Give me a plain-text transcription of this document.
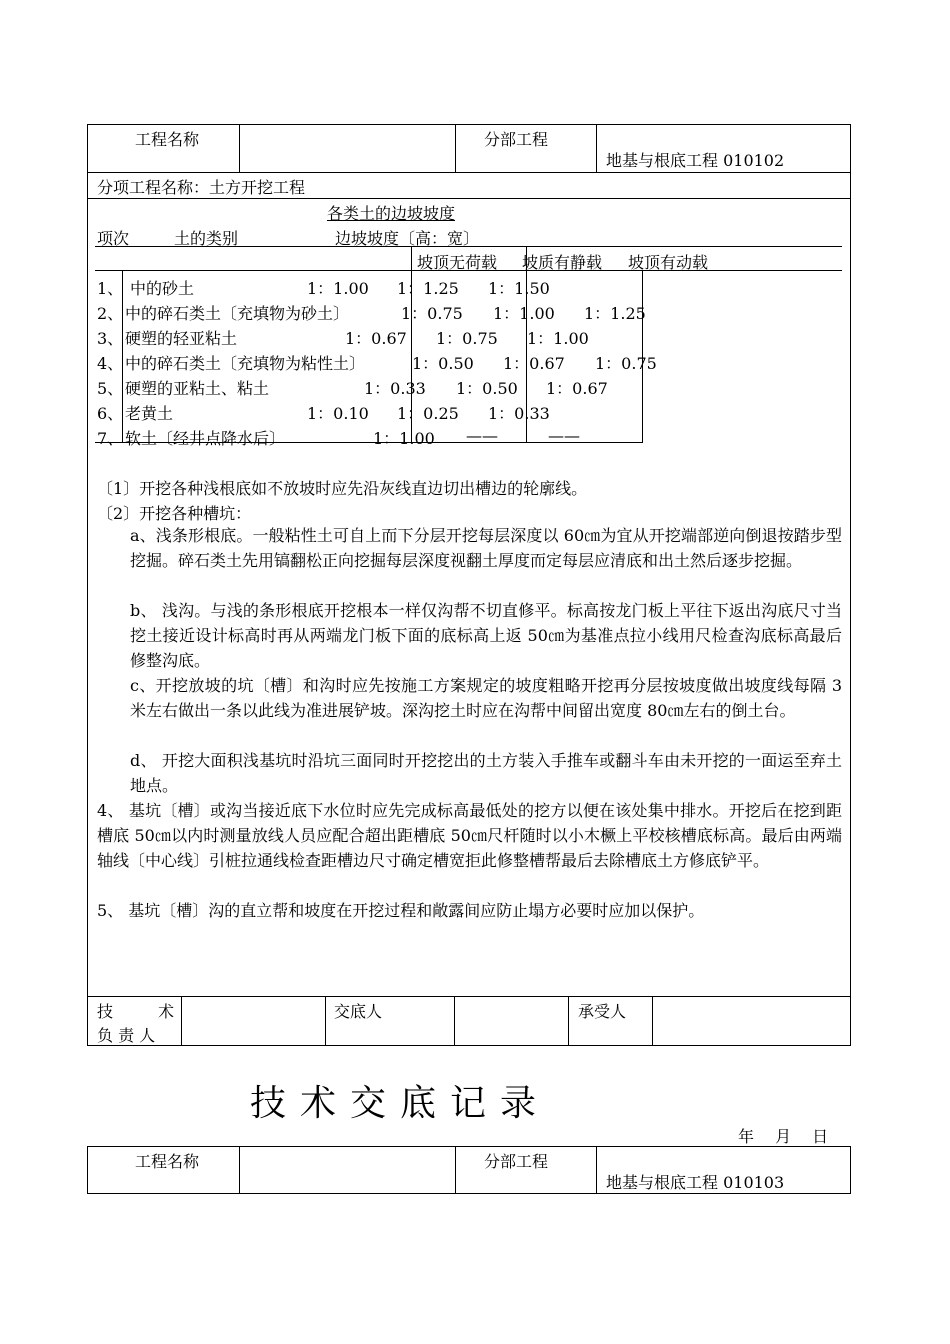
工程名称	分部工程
地基与根底工程 010102
分项工程名称：土方开挖工程
各类土的边坡坡度
项次	土的类别	边坡坡度〔高：宽〕
坡顶无荷载 坡质有静载 坡顶有动载
1、 中的砂土	1：1.00 1：1.25 1：1.50
2、 中的碎石类土〔充填物为砂土〕	1：0.75 1：1.00 1：1.25
3、 硬塑的轻亚粘土	1：0.67 1：0.75 1：1.00
4、 中的碎石类土〔充填物为粘性土〕	1：0.50 1：0.67 1：0.75
5、 硬塑的亚粘土、粘土	1：0.33 1：0.50 1：0.67
6、 老黄土	1：0.10 1：0.25 1：0.33
7、 软土〔经井点降水后〕	1：1.00 ——	——
〔1〕开挖各种浅根底如不放坡时应先沿灰线直边切出槽边的轮廓线。
〔2〕开挖各种槽坑：
a、浅条形根底。一般粘性土可自上而下分层开挖每层深度以 60㎝为宜从开挖端部逆向倒退按踏步型挖掘。碎石类土先用镐翻松正向挖掘每层深度视翻土厚度而定每层应清底和出土然后逐步挖掘。
b、 浅沟。与浅的条形根底开挖根本一样仅沟帮不切直修平。标高按龙门板上平往下返出沟底尺寸当挖土接近设计标高时再从两端龙门板下面的底标高上返 50㎝为基准点拉小线用尺检查沟底标高最后修整沟底。
c、开挖放坡的坑〔槽〕和沟时应先按施工方案规定的坡度粗略开挖再分层按坡度做出坡度线每隔 3 米左右做出一条以此线为准进展铲坡。深沟挖土时应在沟帮中间留出宽度 80㎝左右的倒土台。
d、 开挖大面积浅基坑时沿坑三面同时开挖挖出的土方装入手推车或翻斗车由未开挖的一面运至弃土地点。
4、 基坑〔槽〕或沟当接近底下水位时应先完成标高最低处的挖方以便在该处集中排水。开挖后在挖到距槽底 50㎝以内时测量放线人员应配合超出距槽底 50㎝尺杆随时以小木橛上平校核槽底标高。最后由两端轴线〔中心线〕引桩拉通线检查距槽边尺寸确定槽宽拒此修整槽帮最后去除槽底土方修底铲平。
5、 基坑〔槽〕沟的直立帮和坡度在开挖过程和敞露间应防止塌方必要时应加以保护。
技	术
负 责 人
交底人	承受人
技术交底记录
年　 月　 日
工程名称	分部工程
地基与根底工程 010103
